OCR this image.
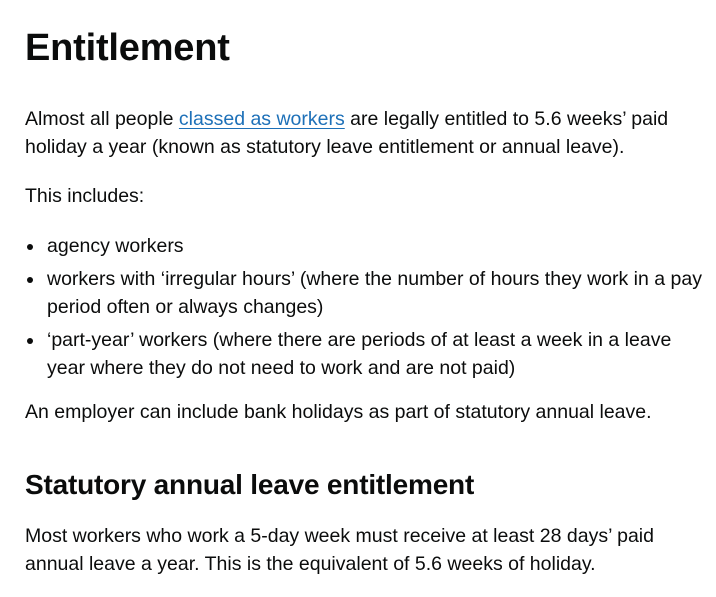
Entitlement

Almost all people classed as workers are legally entitled to 5.6 weeks’ paid holiday a year (known as statutory leave entitlement or annual leave).

This includes:

agency workers
workers with ‘irregular hours’ (where the number of hours they work in a pay period often or always changes)
‘part-year’ workers (where there are periods of at least a week in a leave year where they do not need to work and are not paid)

An employer can include bank holidays as part of statutory annual leave.

Statutory annual leave entitlement

Most workers who work a 5-day week must receive at least 28 days’ paid annual leave a year. This is the equivalent of 5.6 weeks of holiday.
